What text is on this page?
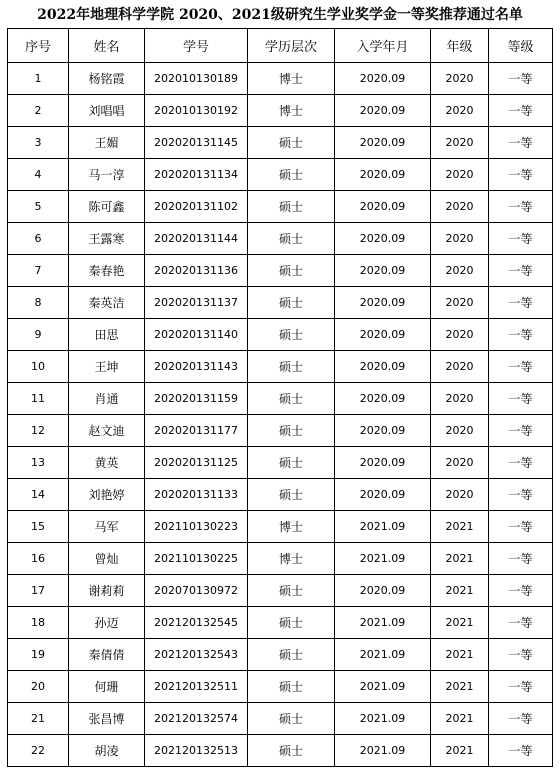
2022年地理科学学院 2020、2021级研究生学业奖学金一等奖推荐通过名单
序号	姓名	学号	学历层次	入学年月	年级	等级
1	杨铭霞	202010130189	博士	2020.09	2020	一等
2	刘唱唱	202010130192	博士	2020.09	2020	一等
3	王媚	202020131145	硕士	2020.09	2020	一等
4	马一淳	202020131134	硕士	2020.09	2020	一等
5	陈可鑫	202020131102	硕士	2020.09	2020	一等
6	王露寒	202020131144	硕士	2020.09	2020	一等
7	秦春艳	202020131136	硕士	2020.09	2020	一等
8	秦英洁	202020131137	硕士	2020.09	2020	一等
9	田思	202020131140	硕士	2020.09	2020	一等
10	王坤	202020131143	硕士	2020.09	2020	一等
11	肖通	202020131159	硕士	2020.09	2020	一等
12	赵文迪	202020131177	硕士	2020.09	2020	一等
13	黄英	202020131125	硕士	2020.09	2020	一等
14	刘艳婷	202020131133	硕士	2020.09	2020	一等
15	马军	202110130223	博士	2021.09	2021	一等
16	曾灿	202110130225	博士	2021.09	2021	一等
17	谢莉莉	202070130972	硕士	2020.09	2021	一等
18	孙迈	202120132545	硕士	2021.09	2021	一等
19	秦倩倩	202120132543	硕士	2021.09	2021	一等
20	何珊	202120132511	硕士	2021.09	2021	一等
21	张昌博	202120132574	硕士	2021.09	2021	一等
22	胡凌	202120132513	硕士	2021.09	2021	一等
